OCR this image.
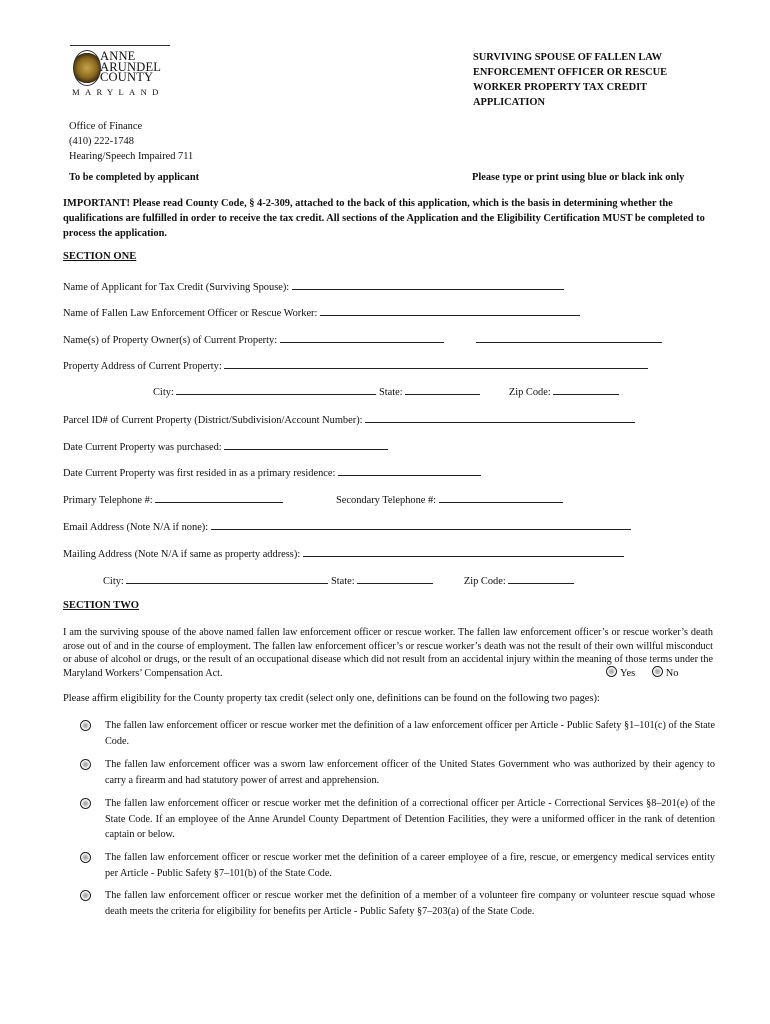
ANNE
ARUNDEL
COUNTY
MARYLAND
SURVIVING SPOUSE OF FALLEN LAW ENFORCEMENT OFFICER OR RESCUE WORKER PROPERTY TAX CREDIT APPLICATION
Office of Finance
(410) 222-1748
Hearing/Speech Impaired 711
To be completed by applicant	Please type or print using blue or black ink only
IMPORTANT! Please read County Code, § 4-2-309, attached to the back of this application, which is the basis in determining whether the qualifications are fulfilled in order to receive the tax credit. All sections of the Application and the Eligibility Certification MUST be completed to process the application.
SECTION ONE
Name of Applicant for Tax Credit (Surviving Spouse):
Name of Fallen Law Enforcement Officer or Rescue Worker:
Name(s) of Property Owner(s) of Current Property:
Property Address of Current Property:
City:	State:	Zip Code:
Parcel ID# of Current Property (District/Subdivision/Account Number):
Date Current Property was purchased:
Date Current Property was first resided in as a primary residence:
Primary Telephone #:	Secondary Telephone #:
Email Address (Note N/A if none):
Mailing Address (Note N/A if same as property address):
City:	State:	Zip Code:
SECTION TWO
I am the surviving spouse of the above named fallen law enforcement officer or rescue worker. The fallen law enforcement officer’s or rescue worker’s death arose out of and in the course of employment. The fallen law enforcement officer’s or rescue worker’s death was not the result of their own willful misconduct or abuse of alcohol or drugs, or the result of an occupational disease which did not result from an accidental injury within the meaning of those terms under the Maryland Workers’ Compensation Act.	Yes	No
Please affirm eligibility for the County property tax credit (select only one, definitions can be found on the following two pages):
The fallen law enforcement officer or rescue worker met the definition of a law enforcement officer per Article - Public Safety §1–101(c) of the State Code.
The fallen law enforcement officer was a sworn law enforcement officer of the United States Government who was authorized by their agency to carry a firearm and had statutory power of arrest and apprehension.
The fallen law enforcement officer or rescue worker met the definition of a correctional officer per Article - Correctional Services §8–201(e) of the State Code. If an employee of the Anne Arundel County Department of Detention Facilities, they were a uniformed officer in the rank of detention captain or below.
The fallen law enforcement officer or rescue worker met the definition of a career employee of a fire, rescue, or emergency medical services entity per Article - Public Safety §7–101(b) of the State Code.
The fallen law enforcement officer or rescue worker met the definition of a member of a volunteer fire company or volunteer rescue squad whose death meets the criteria for eligibility for benefits per Article - Public Safety §7–203(a) of the State Code.
